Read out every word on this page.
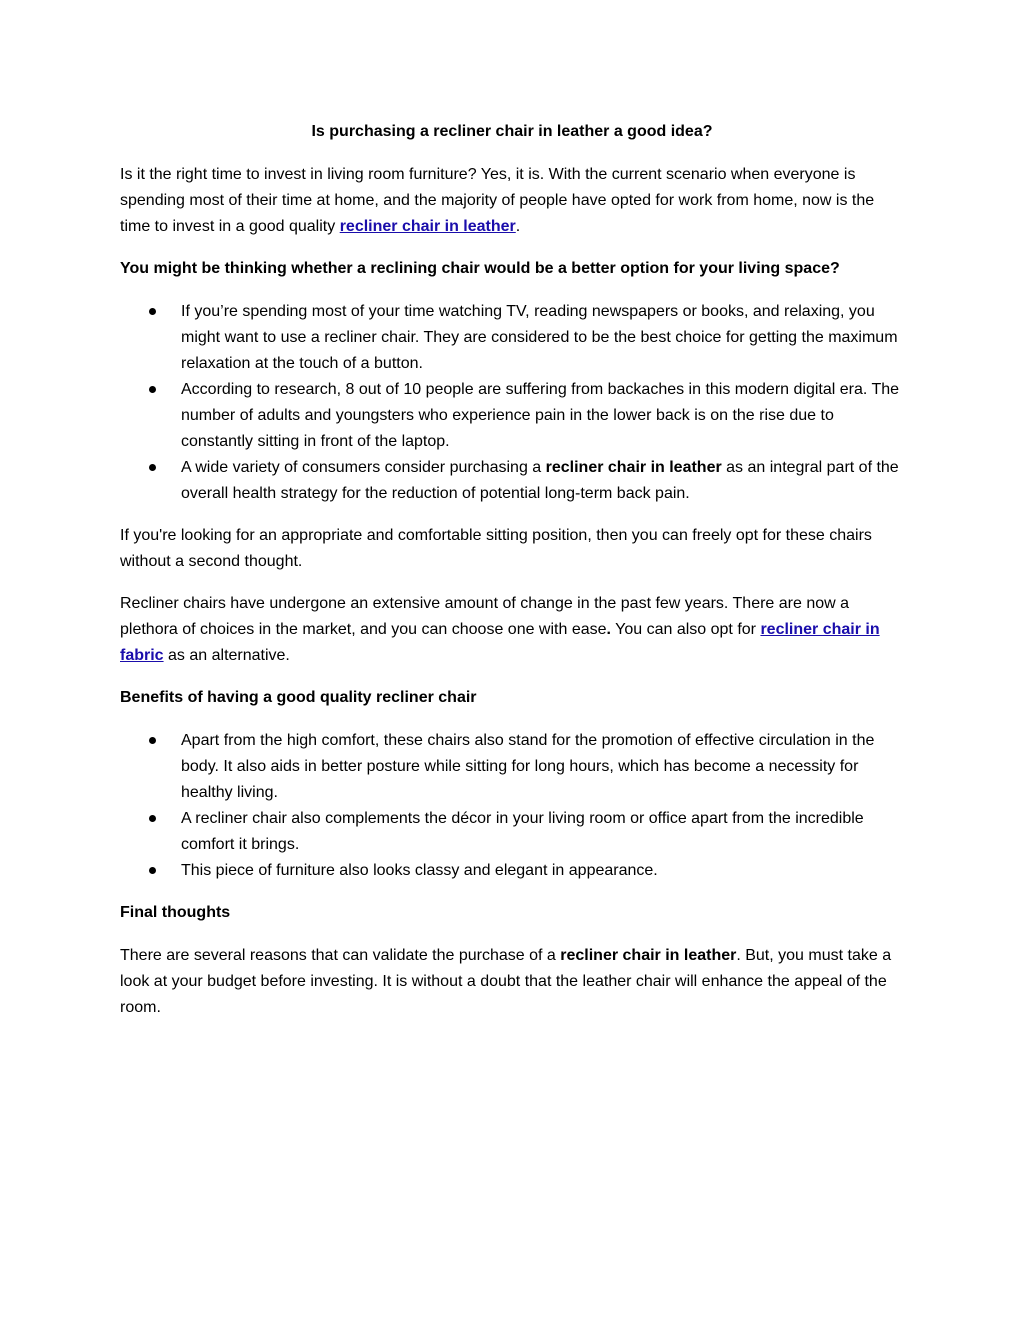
Is purchasing a recliner chair in leather a good idea?

Is it the right time to invest in living room furniture? Yes, it is. With the current scenario when everyone is spending most of their time at home, and the majority of people have opted for work from home, now is the time to invest in a good quality recliner chair in leather.

You might be thinking whether a reclining chair would be a better option for your living space?

If you’re spending most of your time watching TV, reading newspapers or books, and relaxing, you might want to use a recliner chair. They are considered to be the best choice for getting the maximum relaxation at the touch of a button.
According to research, 8 out of 10 people are suffering from backaches in this modern digital era. The number of adults and youngsters who experience pain in the lower back is on the rise due to constantly sitting in front of the laptop.
A wide variety of consumers consider purchasing a recliner chair in leather as an integral part of the overall health strategy for the reduction of potential long-term back pain.

If you're looking for an appropriate and comfortable sitting position, then you can freely opt for these chairs without a second thought.

Recliner chairs have undergone an extensive amount of change in the past few years. There are now a plethora of choices in the market, and you can choose one with ease. You can also opt for recliner chair in fabric as an alternative.

Benefits of having a good quality recliner chair

Apart from the high comfort, these chairs also stand for the promotion of effective circulation in the body. It also aids in better posture while sitting for long hours, which has become a necessity for healthy living.
A recliner chair also complements the décor in your living room or office apart from the incredible comfort it brings.
This piece of furniture also looks classy and elegant in appearance.

Final thoughts

There are several reasons that can validate the purchase of a recliner chair in leather. But, you must take a look at your budget before investing. It is without a doubt that the leather chair will enhance the appeal of the room.
